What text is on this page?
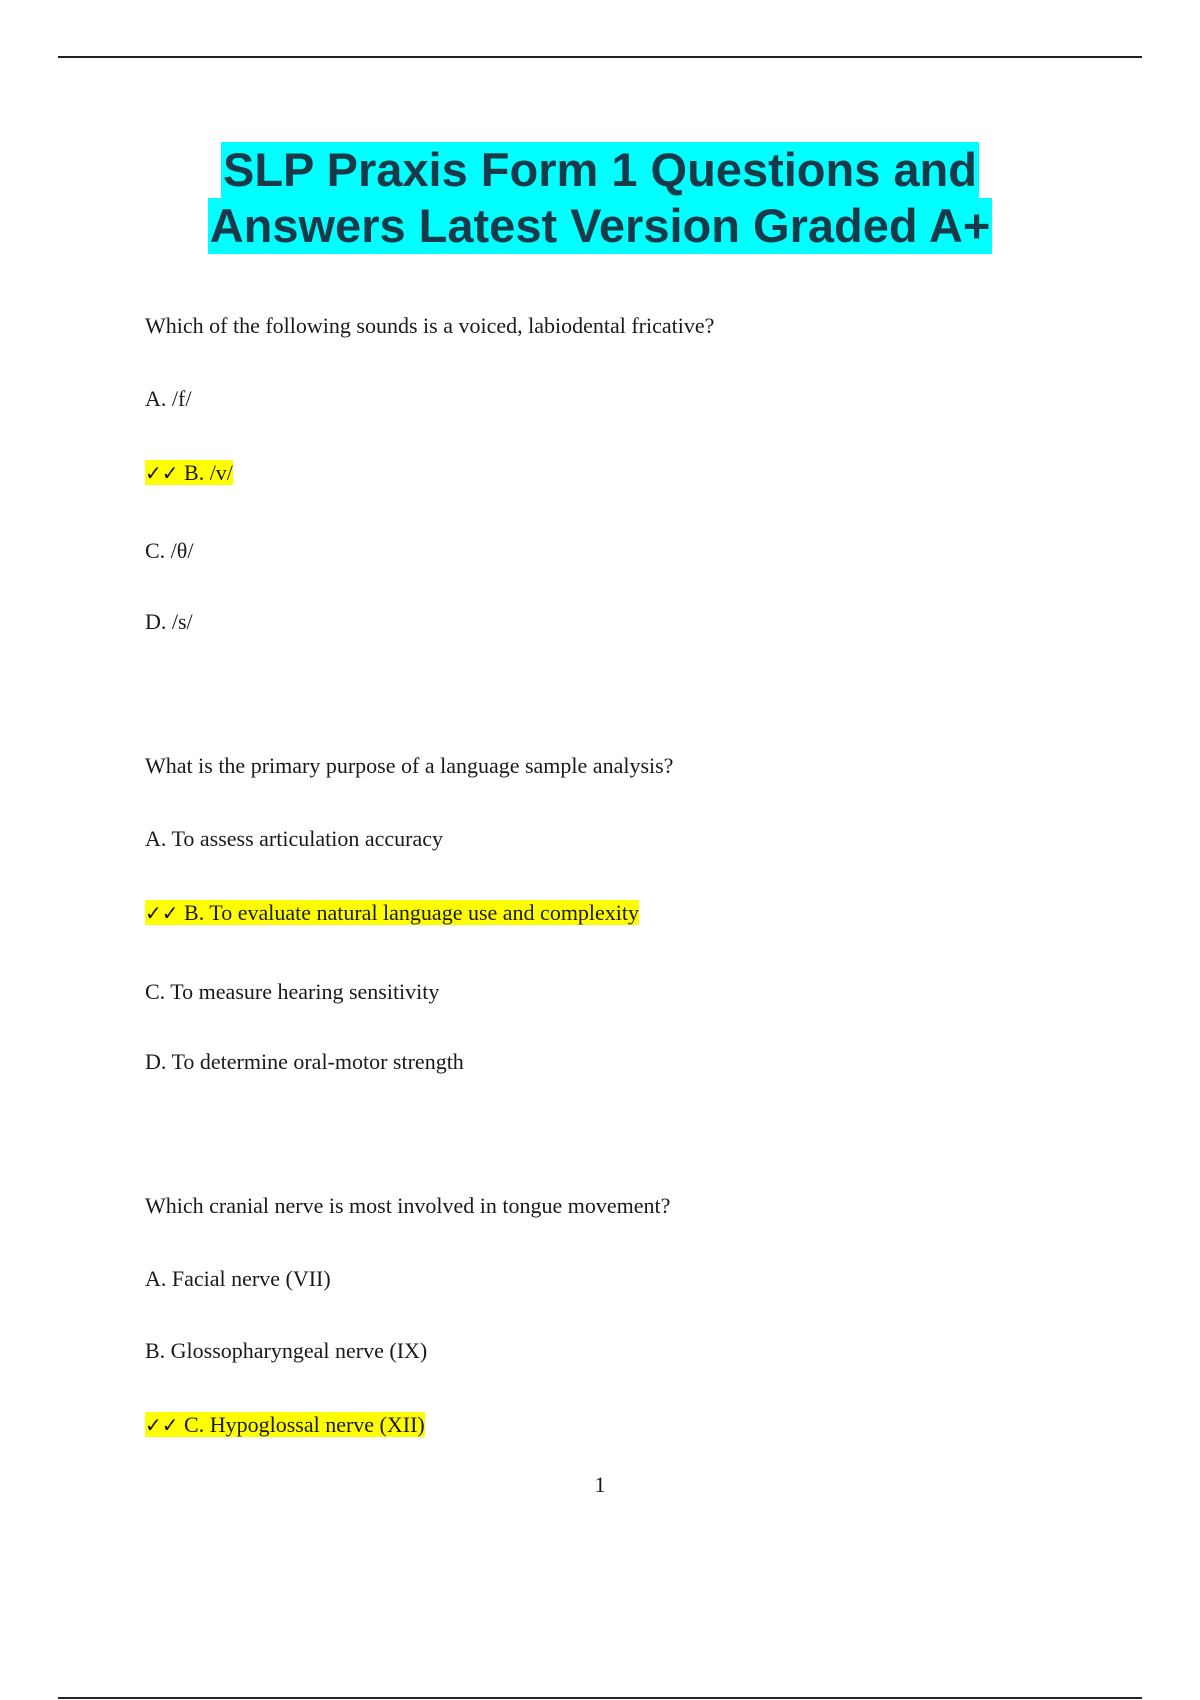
SLP Praxis Form 1 Questions and
Answers Latest Version Graded A+
Which of the following sounds is a voiced, labiodental fricative?
A. /f/
✓✓ B. /v/
C. /θ/
D. /s/
What is the primary purpose of a language sample analysis?
A. To assess articulation accuracy
✓✓ B. To evaluate natural language use and complexity
C. To measure hearing sensitivity
D. To determine oral-motor strength
Which cranial nerve is most involved in tongue movement?
A. Facial nerve (VII)
B. Glossopharyngeal nerve (IX)
✓✓ C. Hypoglossal nerve (XII)
1
